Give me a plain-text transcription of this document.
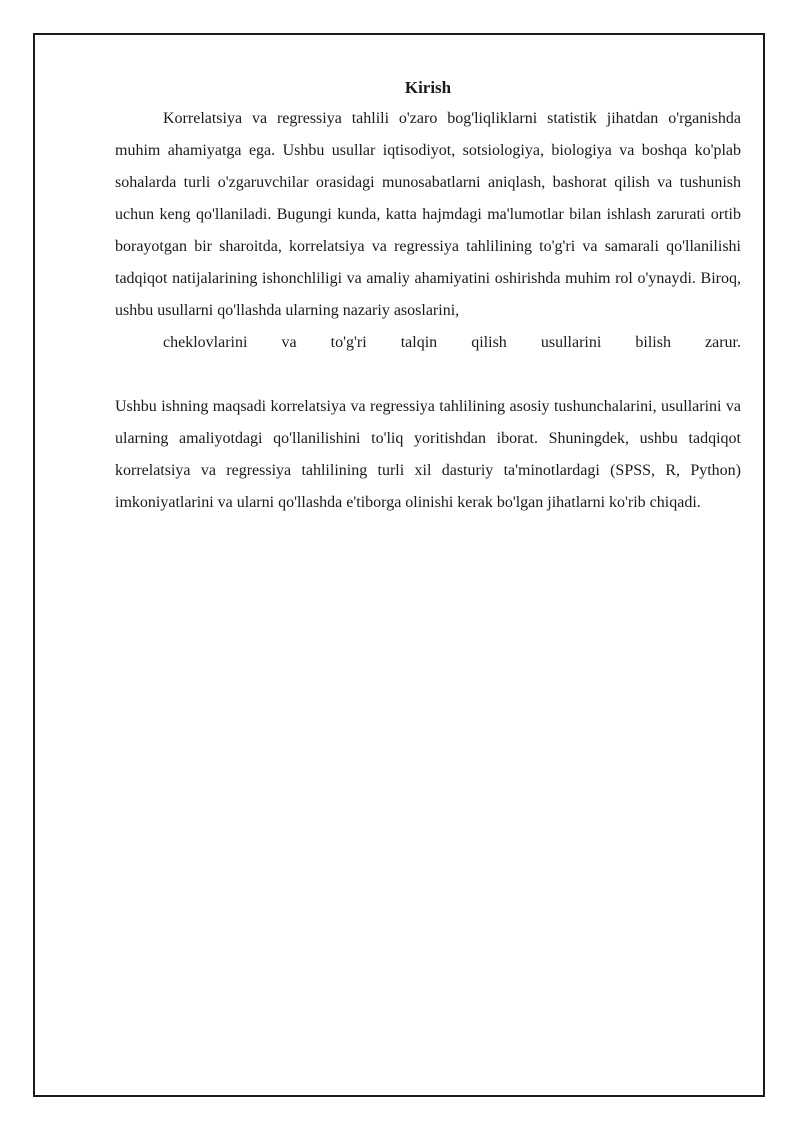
Kirish

Korrelatsiya va regressiya tahlili o'zaro bog'liqliklarni statistik jihatdan o'rganishda muhim ahamiyatga ega. Ushbu usullar iqtisodiyot, sotsiologiya, biologiya va boshqa ko'plab sohalarda turli o'zgaruvchilar orasidagi munosabatlarni aniqlash, bashorat qilish va tushunish uchun keng qo'llaniladi. Bugungi kunda, katta hajmdagi ma'lumotlar bilan ishlash zarurati ortib borayotgan bir sharoitda, korrelatsiya va regressiya tahlilining to'g'ri va samarali qo'llanilishi tadqiqot natijalarining ishonchliligi va amaliy ahamiyatini oshirishda muhim rol o'ynaydi. Biroq, ushbu usullarni qo'llashda ularning nazariy asoslarini,
cheklovlarini va to'g'ri talqin qilish usullarini bilish zarur.

Ushbu ishning maqsadi korrelatsiya va regressiya tahlilining asosiy tushunchalarini, usullarini va ularning amaliyotdagi qo'llanilishini to'liq yoritishdan iborat. Shuningdek, ushbu tadqiqot korrelatsiya va regressiya tahlilining turli xil dasturiy ta'minotlardagi (SPSS, R, Python) imkoniyatlarini va ularni qo'llashda e'tiborga olinishi kerak bo'lgan jihatlarni ko'rib chiqadi.
